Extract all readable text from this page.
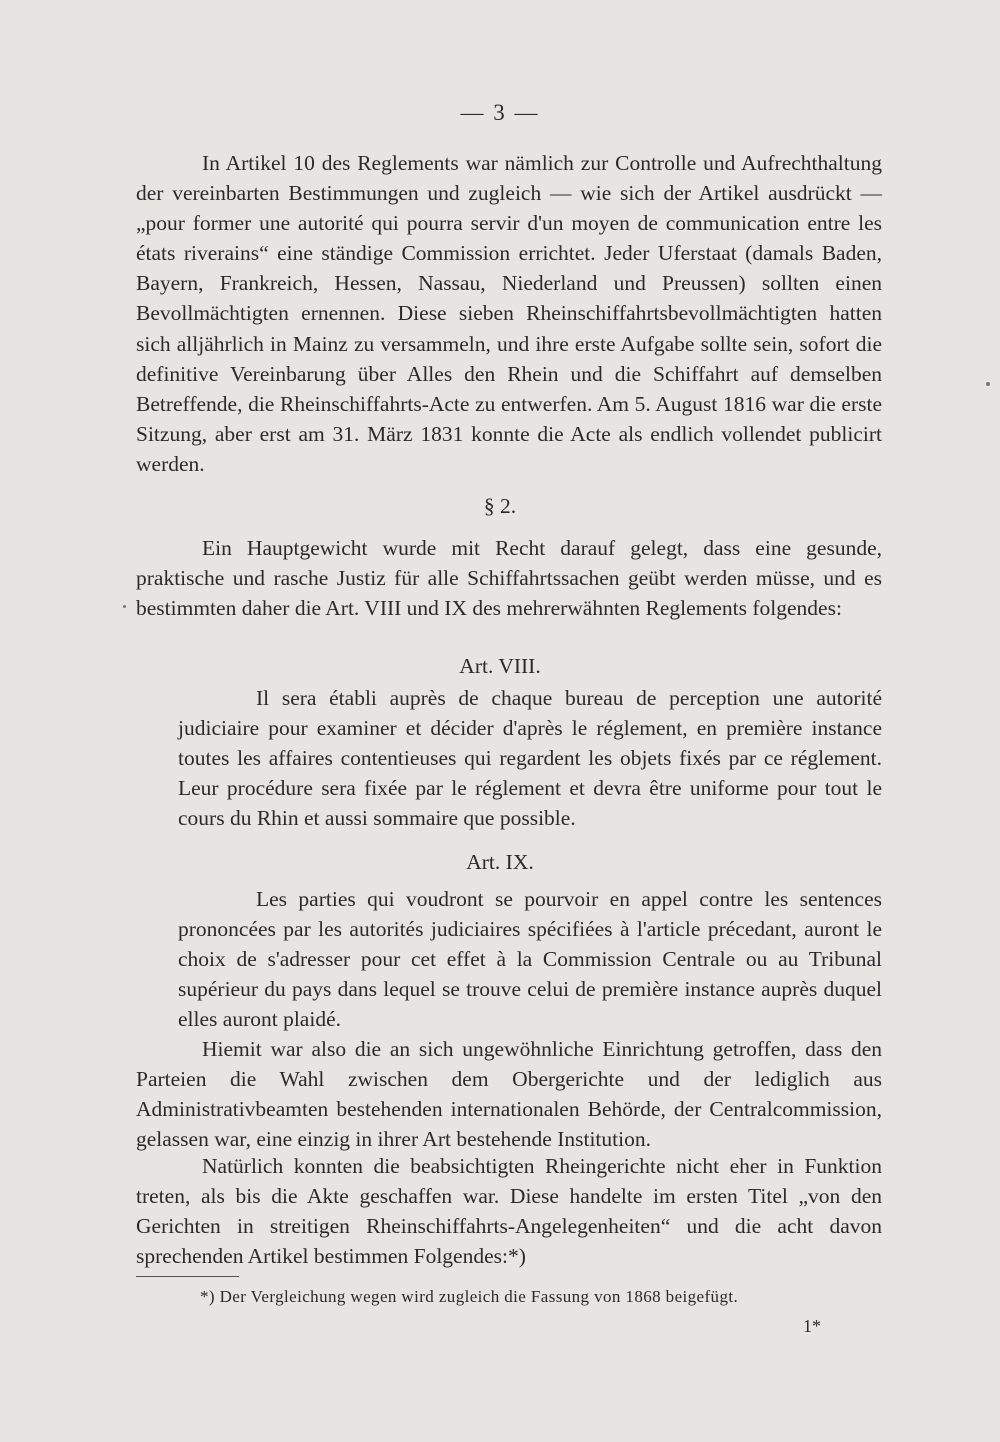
— 3 —

In Artikel 10 des Reglements war nämlich zur Controlle und Aufrechthaltung der vereinbarten Bestimmungen und zugleich — wie sich der Artikel ausdrückt — „pour former une autorité qui pourra servir d'un moyen de communication entre les états riverains“ eine ständige Commission errichtet. Jeder Uferstaat (damals Baden, Bayern, Frankreich, Hessen, Nassau, Niederland und Preussen) sollten einen Bevollmächtigten ernennen. Diese sieben Rheinschiffahrtsbevollmächtigten hatten sich alljährlich in Mainz zu versammeln, und ihre erste Aufgabe sollte sein, sofort die definitive Vereinbarung über Alles den Rhein und die Schiffahrt auf demselben Betreffende, die Rheinschiffahrts-Acte zu entwerfen. Am 5. August 1816 war die erste Sitzung, aber erst am 31. März 1831 konnte die Acte als endlich vollendet publicirt werden.

§ 2.

Ein Hauptgewicht wurde mit Recht darauf gelegt, dass eine gesunde, praktische und rasche Justiz für alle Schiffahrtssachen geübt werden müsse, und es bestimmten daher die Art. VIII und IX des mehrerwähnten Reglements folgendes:

Art. VIII.

Il sera établi auprès de chaque bureau de perception une autorité judiciaire pour examiner et décider d'après le réglement, en première instance toutes les affaires contentieuses qui regardent les objets fixés par ce réglement. Leur procédure sera fixée par le réglement et devra être uniforme pour tout le cours du Rhin et aussi sommaire que possible.

Art. IX.

Les parties qui voudront se pourvoir en appel contre les sentences prononcées par les autorités judiciaires spécifiées à l'article précedant, auront le choix de s'adresser pour cet effet à la Commission Centrale ou au Tribunal supérieur du pays dans lequel se trouve celui de première instance auprès duquel elles auront plaidé.

Hiemit war also die an sich ungewöhnliche Einrichtung getroffen, dass den Parteien die Wahl zwischen dem Obergerichte und der lediglich aus Administrativbeamten bestehenden internationalen Behörde, der Centralcommission, gelassen war, eine einzig in ihrer Art bestehende Institution.

Natürlich konnten die beabsichtigten Rheingerichte nicht eher in Funktion treten, als bis die Akte geschaffen war. Diese handelte im ersten Titel „von den Gerichten in streitigen Rheinschiffahrts-Angelegenheiten“ und die acht davon sprechenden Artikel bestimmen Folgendes:*)

*) Der Vergleichung wegen wird zugleich die Fassung von 1868 beigefügt.
1*
